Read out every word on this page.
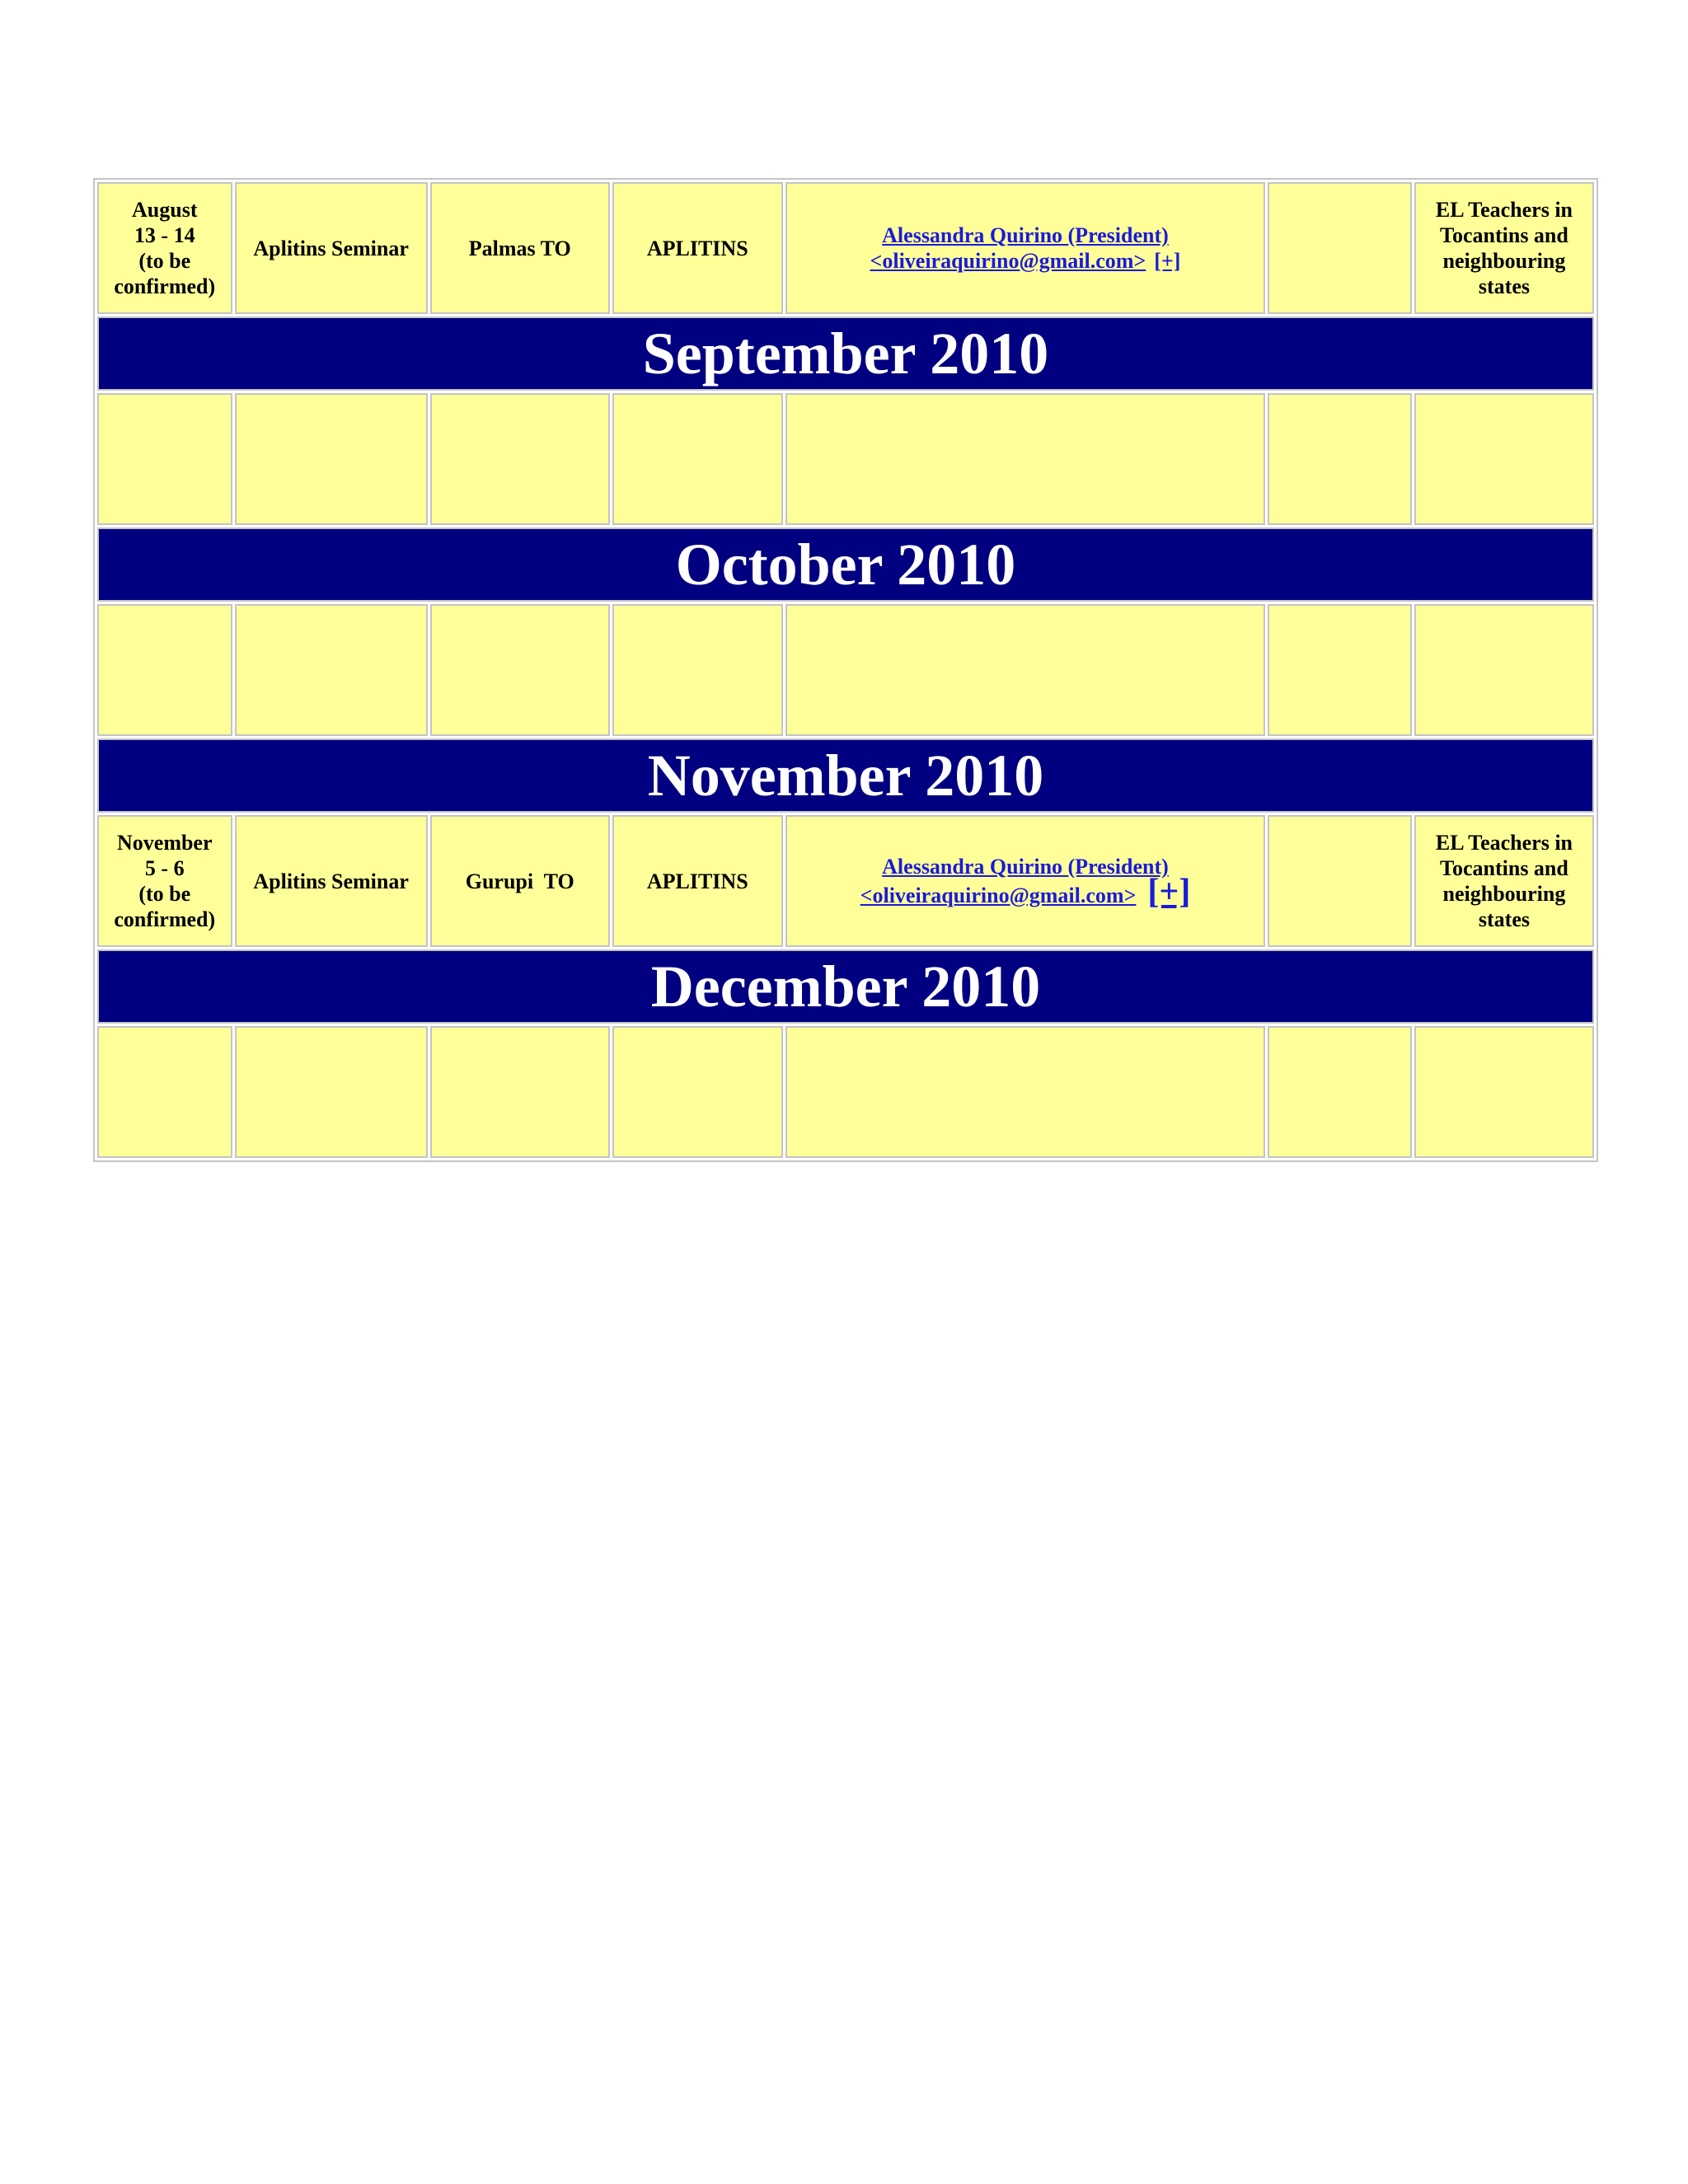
August
13 - 14
(to be
confirmed)	Aplitins Seminar	Palmas TO	APLITINS	Alessandra Quirino (President)
<oliveiraquirino@gmail.com> [+]		EL Teachers in Tocantins and neighbouring states
September 2010						

October 2010						

November 2010						
November
5 - 6
(to be
confirmed)	Aplitins Seminar	Gurupi  TO	APLITINS	Alessandra Quirino (President)
<oliveiraquirino@gmail.com> [+]		EL Teachers in Tocantins and neighbouring states
December 2010						
